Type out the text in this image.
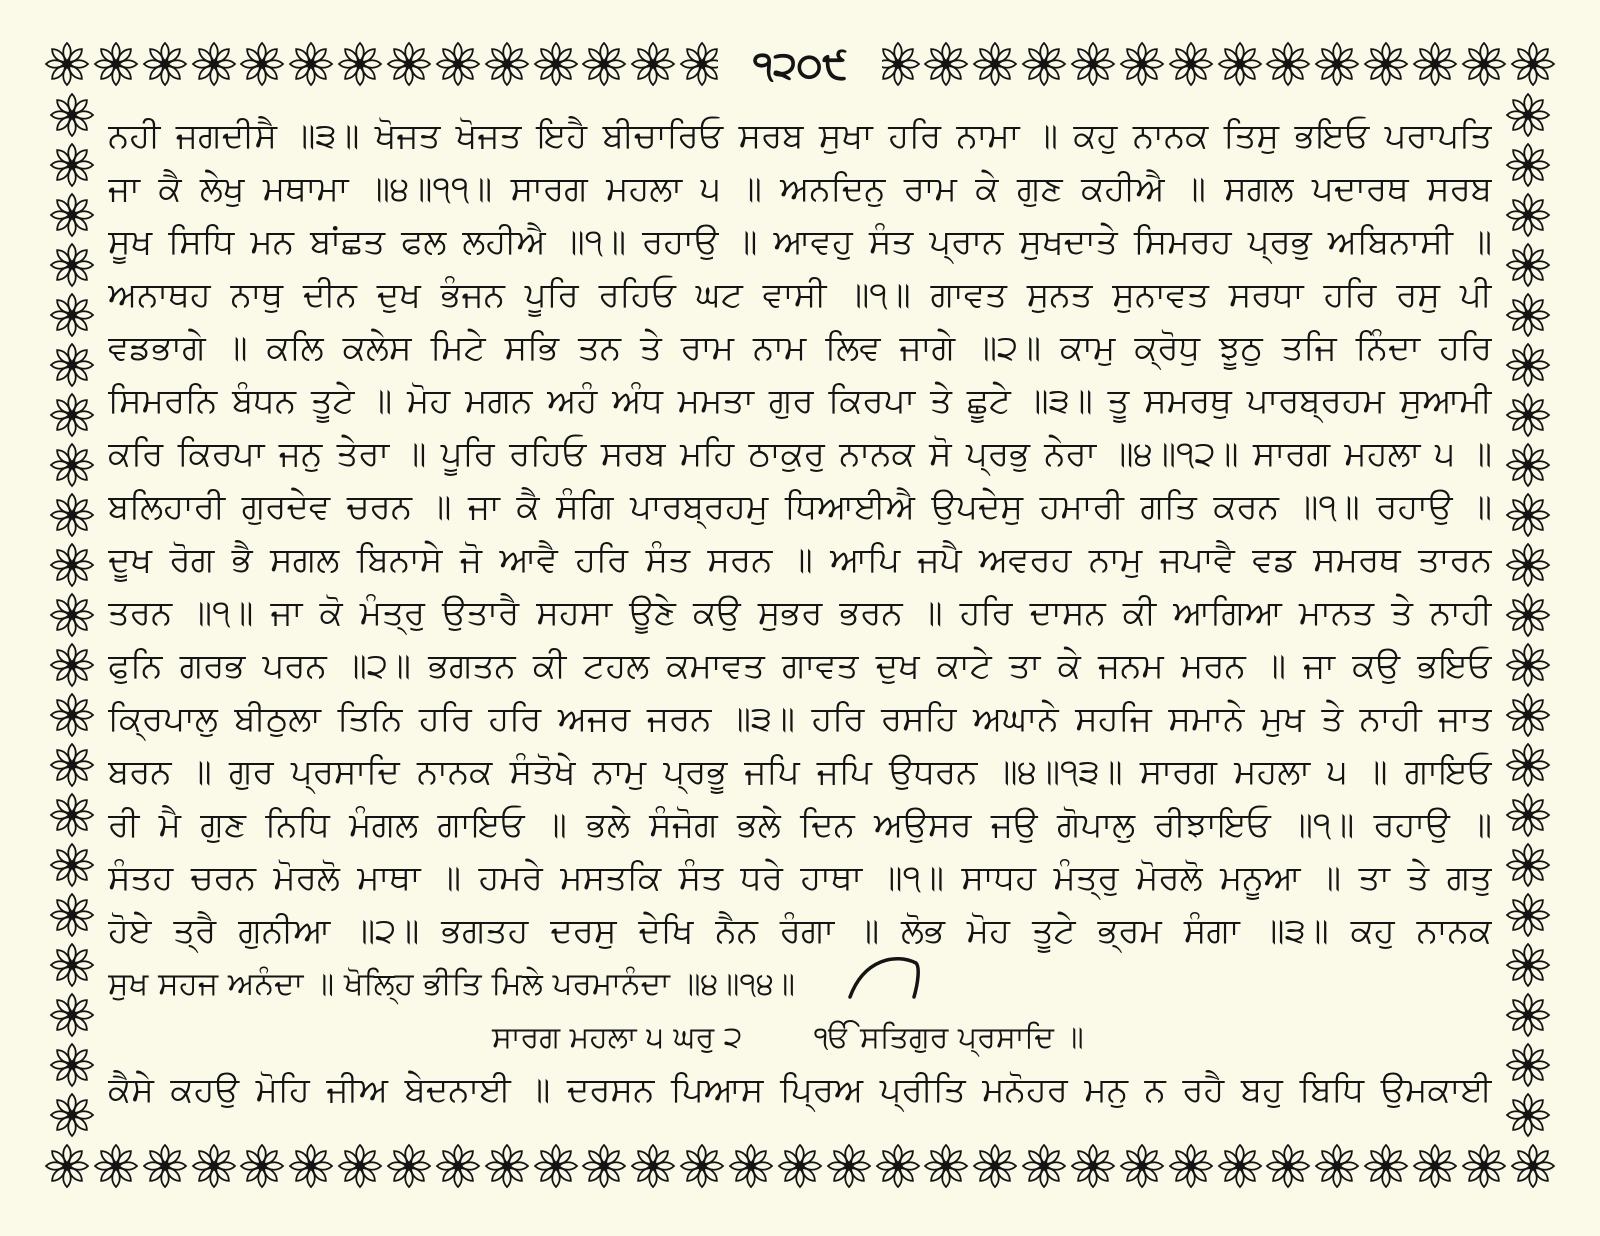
੧੨੦੯
ਨਹੀ ਜਗਦੀਸੈ ॥੩॥ ਖੋਜਤ ਖੋਜਤ ਇਹੈ ਬੀਚਾਰਿਓ ਸਰਬ ਸੁਖਾ ਹਰਿ ਨਾਮਾ ॥ ਕਹੁ ਨਾਨਕ ਤਿਸੁ ਭਇਓ ਪਰਾਪਤਿ
ਜਾ ਕੈ ਲੇਖੁ ਮਥਾਮਾ ॥੪॥੧੧॥ ਸਾਰਗ ਮਹਲਾ ੫ ॥ ਅਨਦਿਨੁ ਰਾਮ ਕੇ ਗੁਣ ਕਹੀਐ ॥ ਸਗਲ ਪਦਾਰਥ ਸਰਬ
ਸੂਖ ਸਿਧਿ ਮਨ ਬਾਂਛਤ ਫਲ ਲਹੀਐ ॥੧॥ ਰਹਾਉ ॥ ਆਵਹੁ ਸੰਤ ਪ੍ਰਾਨ ਸੁਖਦਾਤੇ ਸਿਮਰਹ ਪ੍ਰਭੁ ਅਬਿਨਾਸੀ ॥
ਅਨਾਥਹ ਨਾਥੁ ਦੀਨ ਦੁਖ ਭੰਜਨ ਪੂਰਿ ਰਹਿਓ ਘਟ ਵਾਸੀ ॥੧॥ ਗਾਵਤ ਸੁਨਤ ਸੁਨਾਵਤ ਸਰਧਾ ਹਰਿ ਰਸੁ ਪੀ
ਵਡਭਾਗੇ ॥ ਕਲਿ ਕਲੇਸ ਮਿਟੇ ਸਭਿ ਤਨ ਤੇ ਰਾਮ ਨਾਮ ਲਿਵ ਜਾਗੇ ॥੨॥ ਕਾਮੁ ਕ੍ਰੋਧੁ ਝੂਠੁ ਤਜਿ ਨਿੰਦਾ ਹਰਿ
ਸਿਮਰਨਿ ਬੰਧਨ ਤੂਟੇ ॥ ਮੋਹ ਮਗਨ ਅਹੰ ਅੰਧ ਮਮਤਾ ਗੁਰ ਕਿਰਪਾ ਤੇ ਛੂਟੇ ॥੩॥ ਤੂ ਸਮਰਥੁ ਪਾਰਬ੍ਰਹਮ ਸੁਆਮੀ
ਕਰਿ ਕਿਰਪਾ ਜਨੁ ਤੇਰਾ ॥ ਪੂਰਿ ਰਹਿਓ ਸਰਬ ਮਹਿ ਠਾਕੁਰੁ ਨਾਨਕ ਸੋ ਪ੍ਰਭੁ ਨੇਰਾ ॥੪॥੧੨॥ ਸਾਰਗ ਮਹਲਾ ੫ ॥
ਬਲਿਹਾਰੀ ਗੁਰਦੇਵ ਚਰਨ ॥ ਜਾ ਕੈ ਸੰਗਿ ਪਾਰਬ੍ਰਹਮੁ ਧਿਆਈਐ ਉਪਦੇਸੁ ਹਮਾਰੀ ਗਤਿ ਕਰਨ ॥੧॥ ਰਹਾਉ ॥
ਦੂਖ ਰੋਗ ਭੈ ਸਗਲ ਬਿਨਾਸੇ ਜੋ ਆਵੈ ਹਰਿ ਸੰਤ ਸਰਨ ॥ ਆਪਿ ਜਪੈ ਅਵਰਹ ਨਾਮੁ ਜਪਾਵੈ ਵਡ ਸਮਰਥ ਤਾਰਨ
ਤਰਨ ॥੧॥ ਜਾ ਕੋ ਮੰਤ੍ਰੁ ਉਤਾਰੈ ਸਹਸਾ ਊਣੇ ਕਉ ਸੁਭਰ ਭਰਨ ॥ ਹਰਿ ਦਾਸਨ ਕੀ ਆਗਿਆ ਮਾਨਤ ਤੇ ਨਾਹੀ
ਫੁਨਿ ਗਰਭ ਪਰਨ ॥੨॥ ਭਗਤਨ ਕੀ ਟਹਲ ਕਮਾਵਤ ਗਾਵਤ ਦੁਖ ਕਾਟੇ ਤਾ ਕੇ ਜਨਮ ਮਰਨ ॥ ਜਾ ਕਉ ਭਇਓ
ਕ੍ਰਿਪਾਲੁ ਬੀਠੁਲਾ ਤਿਨਿ ਹਰਿ ਹਰਿ ਅਜਰ ਜਰਨ ॥੩॥ ਹਰਿ ਰਸਹਿ ਅਘਾਨੇ ਸਹਜਿ ਸਮਾਨੇ ਮੁਖ ਤੇ ਨਾਹੀ ਜਾਤ
ਬਰਨ ॥ ਗੁਰ ਪ੍ਰਸਾਦਿ ਨਾਨਕ ਸੰਤੋਖੇ ਨਾਮੁ ਪ੍ਰਭੂ ਜਪਿ ਜਪਿ ਉਧਰਨ ॥੪॥੧੩॥ ਸਾਰਗ ਮਹਲਾ ੫ ॥ ਗਾਇਓ
ਰੀ ਮੈ ਗੁਣ ਨਿਧਿ ਮੰਗਲ ਗਾਇਓ ॥ ਭਲੇ ਸੰਜੋਗ ਭਲੇ ਦਿਨ ਅਉਸਰ ਜਉ ਗੋਪਾਲੁ ਰੀਝਾਇਓ ॥੧॥ ਰਹਾਉ ॥
ਸੰਤਹ ਚਰਨ ਮੋਰਲੋ ਮਾਥਾ ॥ ਹਮਰੇ ਮਸਤਕਿ ਸੰਤ ਧਰੇ ਹਾਥਾ ॥੧॥ ਸਾਧਹ ਮੰਤ੍ਰੁ ਮੋਰਲੋ ਮਨੂਆ ॥ ਤਾ ਤੇ ਗਤੁ
ਹੋਏ ਤ੍ਰੈ ਗੁਨੀਆ ॥੨॥ ਭਗਤਹ ਦਰਸੁ ਦੇਖਿ ਨੈਨ ਰੰਗਾ ॥ ਲੋਭ ਮੋਹ ਤੂਟੇ ਭ੍ਰਮ ਸੰਗਾ ॥੩॥ ਕਹੁ ਨਾਨਕ
ਸੁਖ ਸਹਜ ਅਨੰਦਾ ॥ ਖੋਲ੍ਹਿ ਭੀਤਿ ਮਿਲੇ ਪਰਮਾਨੰਦਾ ॥੪॥੧੪॥
ਸਾਰਗ ਮਹਲਾ ੫ ਘਰੁ ੨ ੴ ਸਤਿਗੁਰ ਪ੍ਰਸਾਦਿ ॥
ਕੈਸੇ ਕਹਉ ਮੋਹਿ ਜੀਅ ਬੇਦਨਾਈ ॥ ਦਰਸਨ ਪਿਆਸ ਪ੍ਰਿਅ ਪ੍ਰੀਤਿ ਮਨੋਹਰ ਮਨੁ ਨ ਰਹੈ ਬਹੁ ਬਿਧਿ ਉਮਕਾਈ
